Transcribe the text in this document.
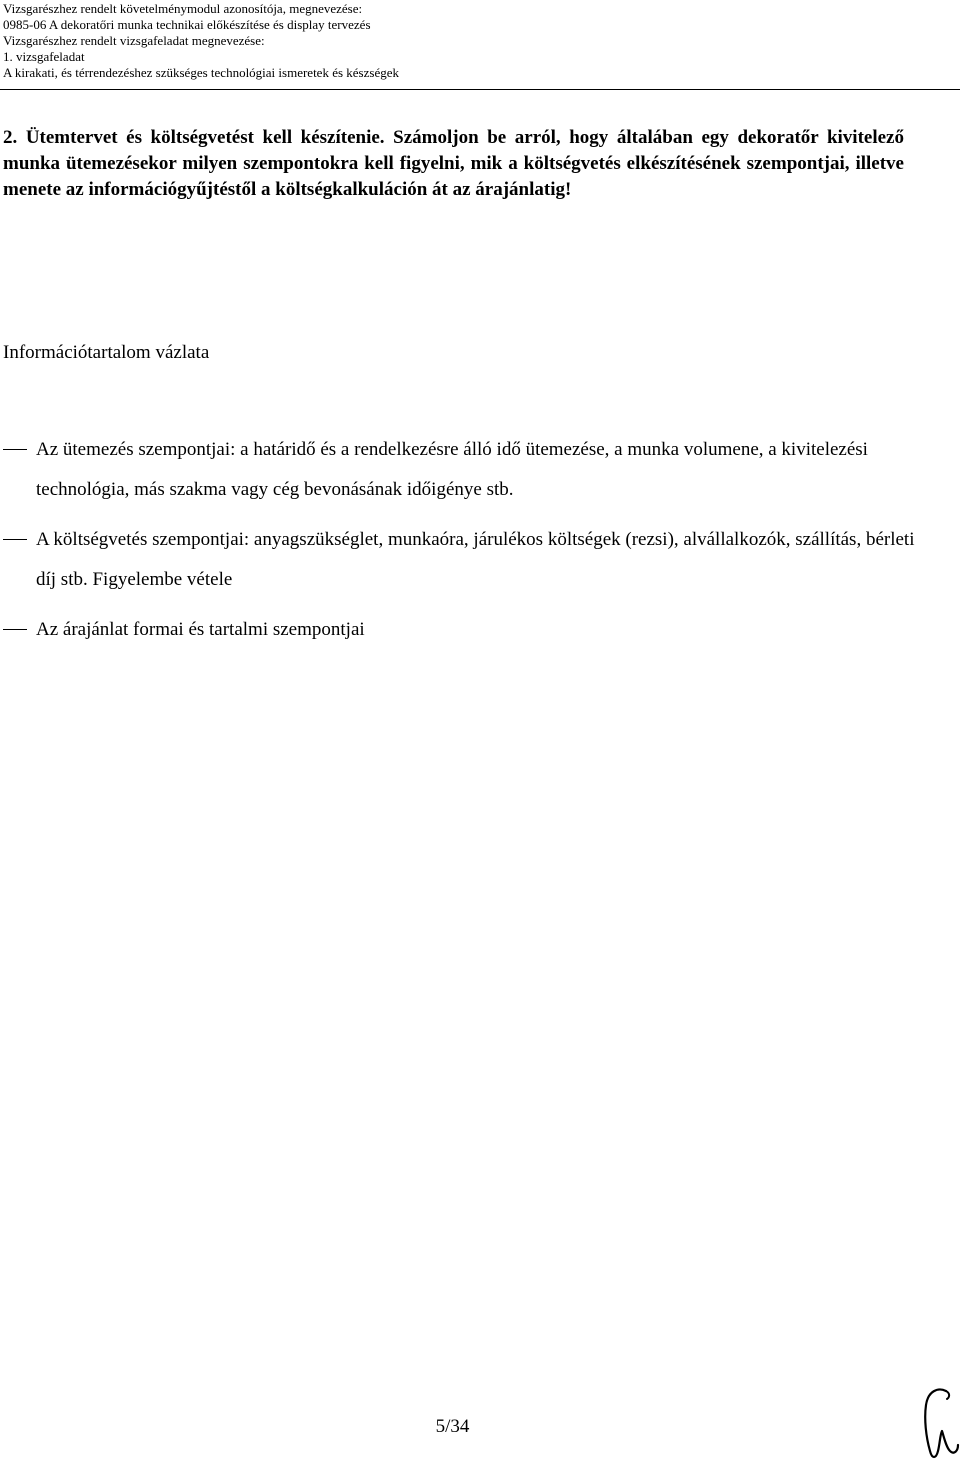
Vizsgarészhez rendelt követelménymodul azonosítója, megnevezése:
0985-06 A dekoratőri munka technikai előkészítése és display tervezés
Vizsgarészhez rendelt vizsgafeladat megnevezése:
1. vizsgafeladat
A kirakati, és térrendezéshez szükséges technológiai ismeretek és készségek
2. Ütemtervet és költségvetést kell készítenie. Számoljon be arról, hogy általában egy dekoratőr kivitelező munka ütemezésekor milyen szempontokra kell figyelni, mik a költségvetés elkészítésének szempontjai, illetve menete az információgyűjtéstől a költségkalkuláción át az árajánlatig!
Információtartalom vázlata
Az ütemezés szempontjai: a határidő és a rendelkezésre álló idő ütemezése, a munka volumene, a kivitelezési technológia, más szakma vagy cég bevonásának időigénye stb.
A költségvetés szempontjai: anyagszükséglet, munkaóra, járulékos költségek (rezsi), alvállalkozók, szállítás, bérleti díj stb. Figyelembe vétele
Az árajánlat formai és tartalmi szempontjai
5/34
